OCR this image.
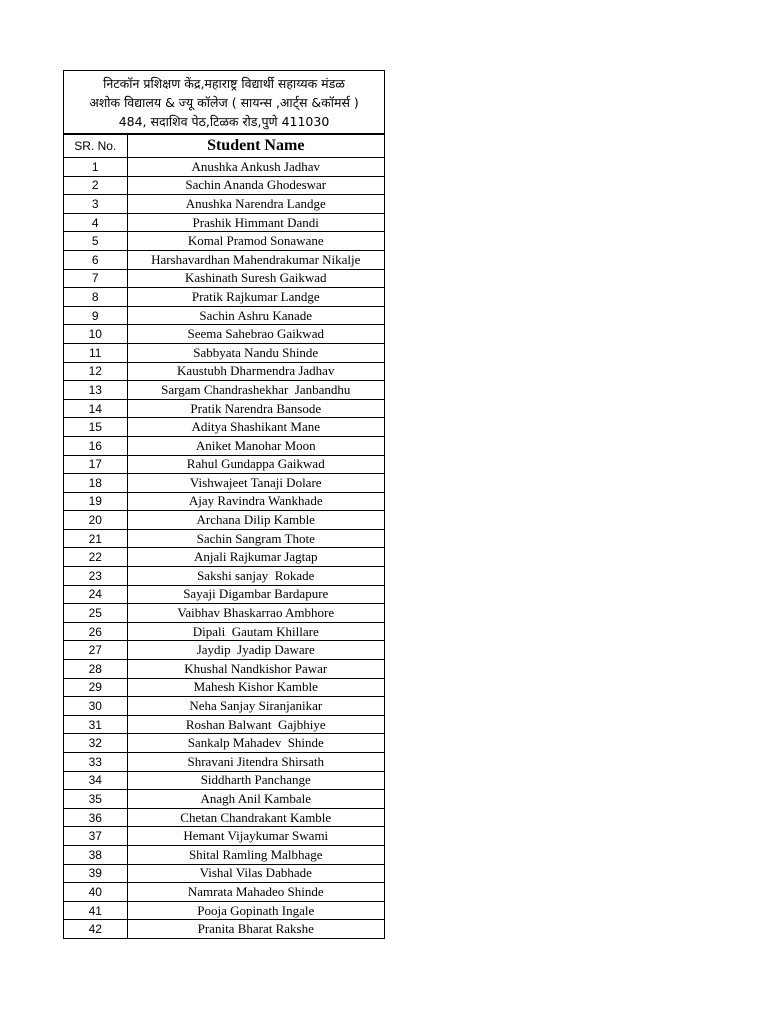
निटकॉन प्रशिक्षण केंद्र,महाराष्ट्र विद्यार्थी सहाय्यक मंडळ
अशोक विद्यालय & ज्यू कॉलेज ( सायन्स ,आर्ट्स &कॉमर्स )
484, सदाशिव पेठ,टिळक रोड,पुणे 411030
SR. No.	Student Name
1	Anushka Ankush Jadhav
2	Sachin Ananda Ghodeswar
3	Anushka Narendra Landge
4	Prashik Himmant Dandi
5	Komal Pramod Sonawane
6	Harshavardhan Mahendrakumar Nikalje
7	Kashinath Suresh Gaikwad
8	Pratik Rajkumar Landge
9	Sachin Ashru Kanade
10	Seema Sahebrao Gaikwad
11	Sabbyata Nandu Shinde
12	Kaustubh Dharmendra Jadhav
13	Sargam Chandrashekhar  Janbandhu
14	Pratik Narendra Bansode
15	Aditya Shashikant Mane
16	Aniket Manohar Moon
17	Rahul Gundappa Gaikwad
18	Vishwajeet Tanaji Dolare
19	Ajay Ravindra Wankhade
20	Archana Dilip Kamble
21	Sachin Sangram Thote
22	Anjali Rajkumar Jagtap
23	Sakshi sanjay  Rokade
24	Sayaji Digambar Bardapure
25	Vaibhav Bhaskarrao Ambhore
26	Dipali  Gautam Khillare
27	Jaydip  Jyadip Daware
28	Khushal Nandkishor Pawar
29	Mahesh Kishor Kamble
30	Neha Sanjay Siranjanikar
31	Roshan Balwant  Gajbhiye
32	Sankalp Mahadev  Shinde
33	Shravani Jitendra Shirsath
34	Siddharth Panchange
35	Anagh Anil Kambale
36	Chetan Chandrakant Kamble
37	Hemant Vijaykumar Swami
38	Shital Ramling Malbhage
39	Vishal Vilas Dabhade
40	Namrata Mahadeo Shinde
41	Pooja Gopinath Ingale
42	Pranita Bharat Rakshe
